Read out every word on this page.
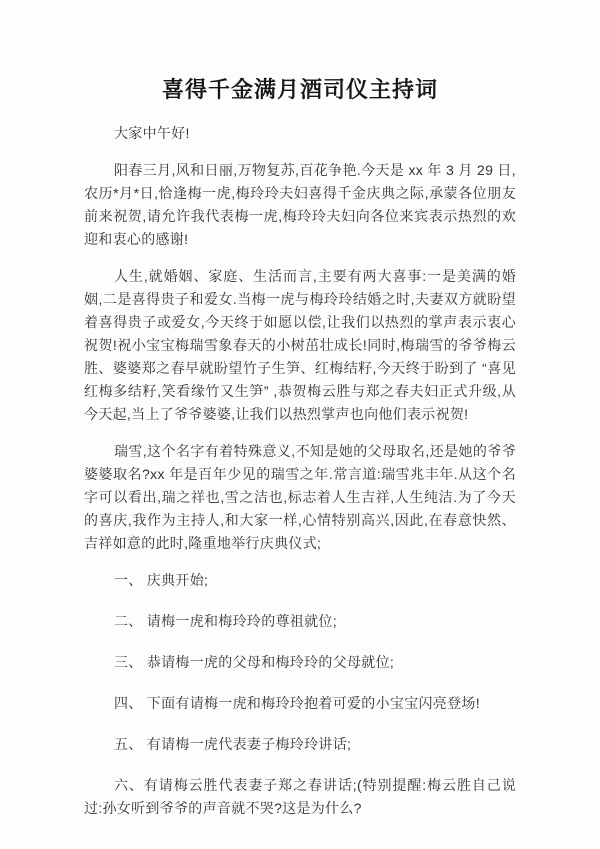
喜得千金满月酒司仪主持词

大家中午好!

阳春三月,风和日丽,万物复苏,百花争艳.今天是 xx 年 3 月 29 日,农历*月*日,恰逢梅一虎,梅玲玲夫妇喜得千金庆典之际,承蒙各位朋友前来祝贺,请允许我代表梅一虎,梅玲玲夫妇向各位来宾表示热烈的欢迎和衷心的感谢!

人生,就婚姻、家庭、生活而言,主要有两大喜事:一是美满的婚姻,二是喜得贵子和爱女.当梅一虎与梅玲玲结婚之时,夫妻双方就盼望着喜得贵子或爱女,今天终于如愿以偿,让我们以热烈的掌声表示衷心祝贺!祝小宝宝梅瑞雪象春天的小树茁壮成长!同时,梅瑞雪的爷爷梅云胜、婆婆郑之春早就盼望竹子生笋、红梅结籽,今天终于盼到了 “喜见红梅多结籽,笑看缘竹又生笋” ,恭贺梅云胜与郑之春夫妇正式升级,从今天起,当上了爷爷婆婆,让我们以热烈掌声也向他们表示祝贺!

瑞雪,这个名字有着特殊意义,不知是她的父母取名,还是她的爷爷婆婆取名?xx 年是百年少见的瑞雪之年.常言道:瑞雪兆丰年.从这个名字可以看出,瑞之祥也,雪之洁也,标志着人生吉祥,人生纯洁.为了今天的喜庆,我作为主持人,和大家一样,心情特别高兴,因此,在春意快然、 吉祥如意的此时,隆重地举行庆典仪式;

一、 庆典开始;

二、 请梅一虎和梅玲玲的尊祖就位;

三、 恭请梅一虎的父母和梅玲玲的父母就位;

四、 下面有请梅一虎和梅玲玲抱着可爱的小宝宝闪亮登场!

五、 有请梅一虎代表妻子梅玲玲讲话;

六、有请梅云胜代表妻子郑之春讲话;(特别提醒:梅云胜自己说过:孙女听到爷爷的声音就不哭?这是为什么?
